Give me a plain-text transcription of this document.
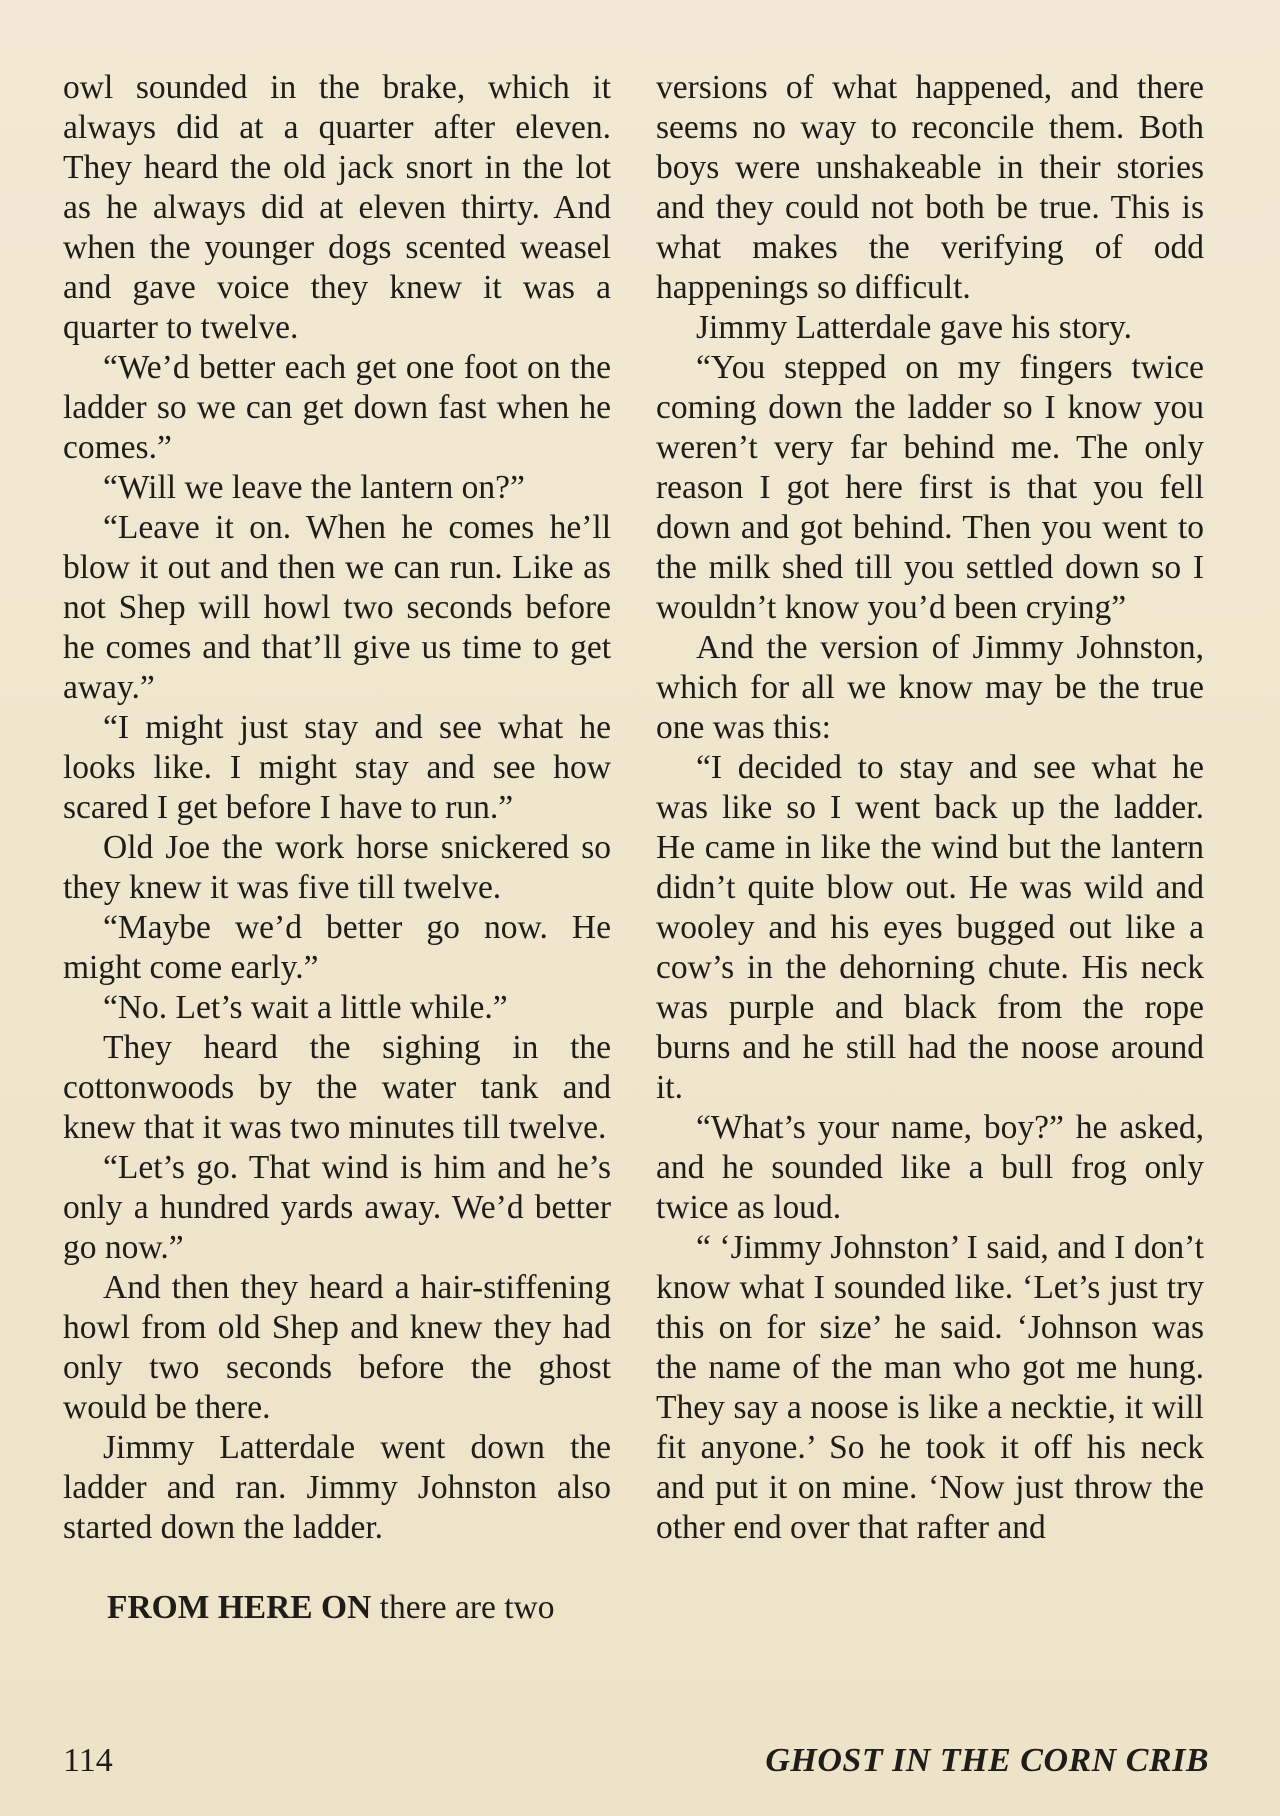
owl sounded in the brake, which it always did at a quarter after eleven. They heard the old jack snort in the lot as he always did at eleven thirty. And when the younger dogs scented weasel and gave voice they knew it was a quarter to twelve.

“We’d better each get one foot on the ladder so we can get down fast when he comes.”

“Will we leave the lantern on?”

“Leave it on. When he comes he’ll blow it out and then we can run. Like as not Shep will howl two seconds before he comes and that’ll give us time to get away.”

“I might just stay and see what he looks like. I might stay and see how scared I get before I have to run.”

Old Joe the work horse snickered so they knew it was five till twelve.

“Maybe we’d better go now. He might come early.”

“No. Let’s wait a little while.”

They heard the sighing in the cottonwoods by the water tank and knew that it was two minutes till twelve.

“Let’s go. That wind is him and he’s only a hundred yards away. We’d better go now.”

And then they heard a hair-stiffening howl from old Shep and knew they had only two seconds before the ghost would be there.

Jimmy Latterdale went down the ladder and ran. Jimmy Johnston also started down the ladder.

FROM HERE ON there are two

versions of what happened, and there seems no way to reconcile them. Both boys were unshakeable in their stories and they could not both be true. This is what makes the verifying of odd happenings so difficult.

Jimmy Latterdale gave his story.

“You stepped on my fingers twice coming down the ladder so I know you weren’t very far behind me. The only reason I got here first is that you fell down and got behind. Then you went to the milk shed till you settled down so I wouldn’t know you’d been crying”

And the version of Jimmy Johnston, which for all we know may be the true one was this:

“I decided to stay and see what he was like so I went back up the ladder. He came in like the wind but the lantern didn’t quite blow out. He was wild and wooley and his eyes bugged out like a cow’s in the dehorning chute. His neck was purple and black from the rope burns and he still had the noose around it.

“What’s your name, boy?” he asked, and he sounded like a bull frog only twice as loud.

“ ‘Jimmy Johnston’ I said, and I don’t know what I sounded like. ‘Let’s just try this on for size’ he said. ‘Johnson was the name of the man who got me hung. They say a noose is like a necktie, it will fit anyone.’ So he took it off his neck and put it on mine. ‘Now just throw the other end over that rafter and

114	GHOST IN THE CORN CRIB
